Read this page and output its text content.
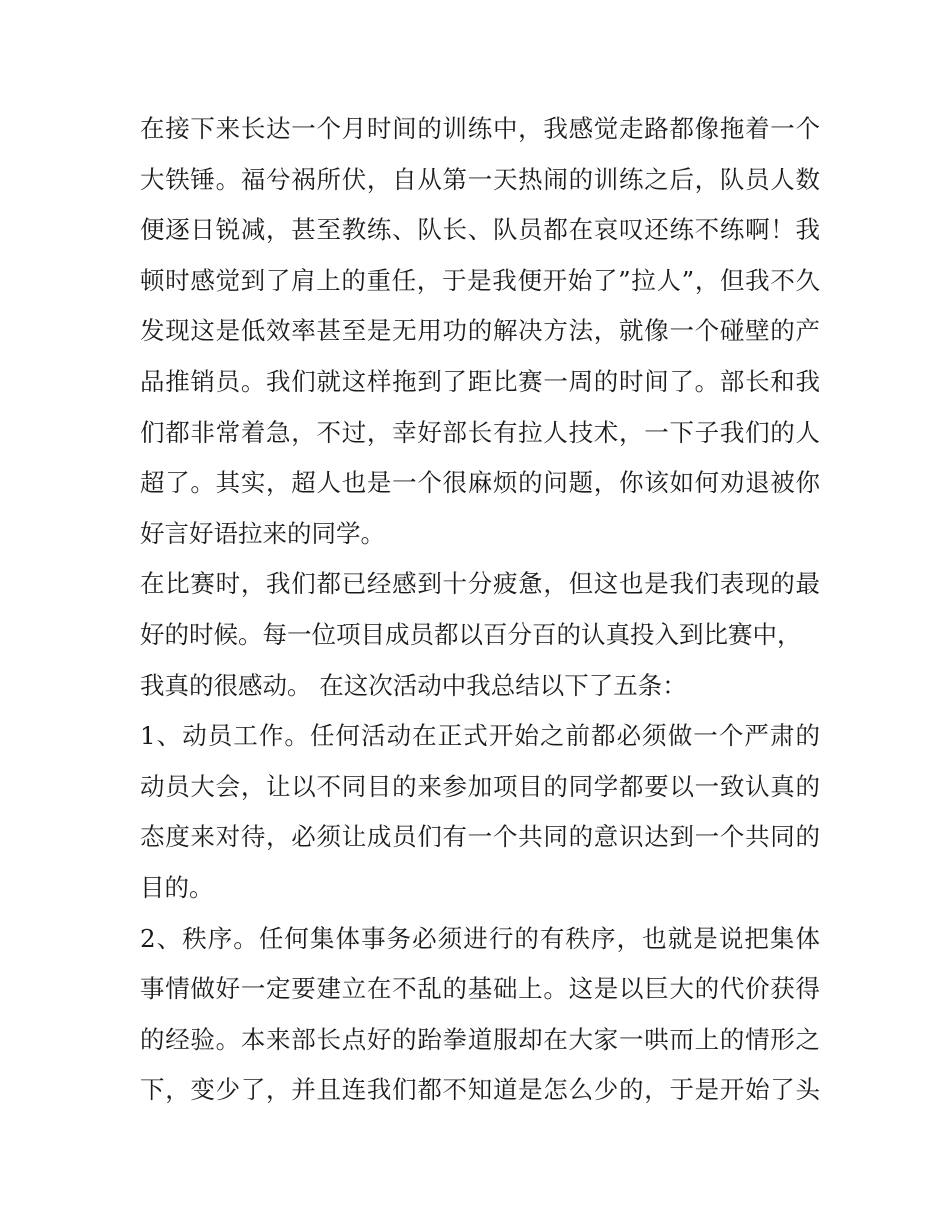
在接下来长达一个月时间的训练中，我感觉走路都像拖着一个
大铁锤。福兮祸所伏，自从第一天热闹的训练之后，队员人数
便逐日锐减，甚至教练、队长、队员都在哀叹还练不练啊！我
顿时感觉到了肩上的重任，于是我便开始了”拉人”，但我不久
发现这是低效率甚至是无用功的解决方法，就像一个碰壁的产
品推销员。我们就这样拖到了距比赛一周的时间了。部长和我
们都非常着急，不过，幸好部长有拉人技术，一下子我们的人
超了。其实，超人也是一个很麻烦的问题，你该如何劝退被你
好言好语拉来的同学。
在比赛时，我们都已经感到十分疲惫，但这也是我们表现的最
好的时候。每一位项目成员都以百分百的认真投入到比赛中，
我真的很感动。 在这次活动中我总结以下了五条：
1、动员工作。任何活动在正式开始之前都必须做一个严肃的
动员大会，让以不同目的来参加项目的同学都要以一致认真的
态度来对待，必须让成员们有一个共同的意识达到一个共同的
目的。
2、秩序。任何集体事务必须进行的有秩序，也就是说把集体
事情做好一定要建立在不乱的基础上。这是以巨大的代价获得
的经验。本来部长点好的跆拳道服却在大家一哄而上的情形之
下，变少了，并且连我们都不知道是怎么少的，于是开始了头
